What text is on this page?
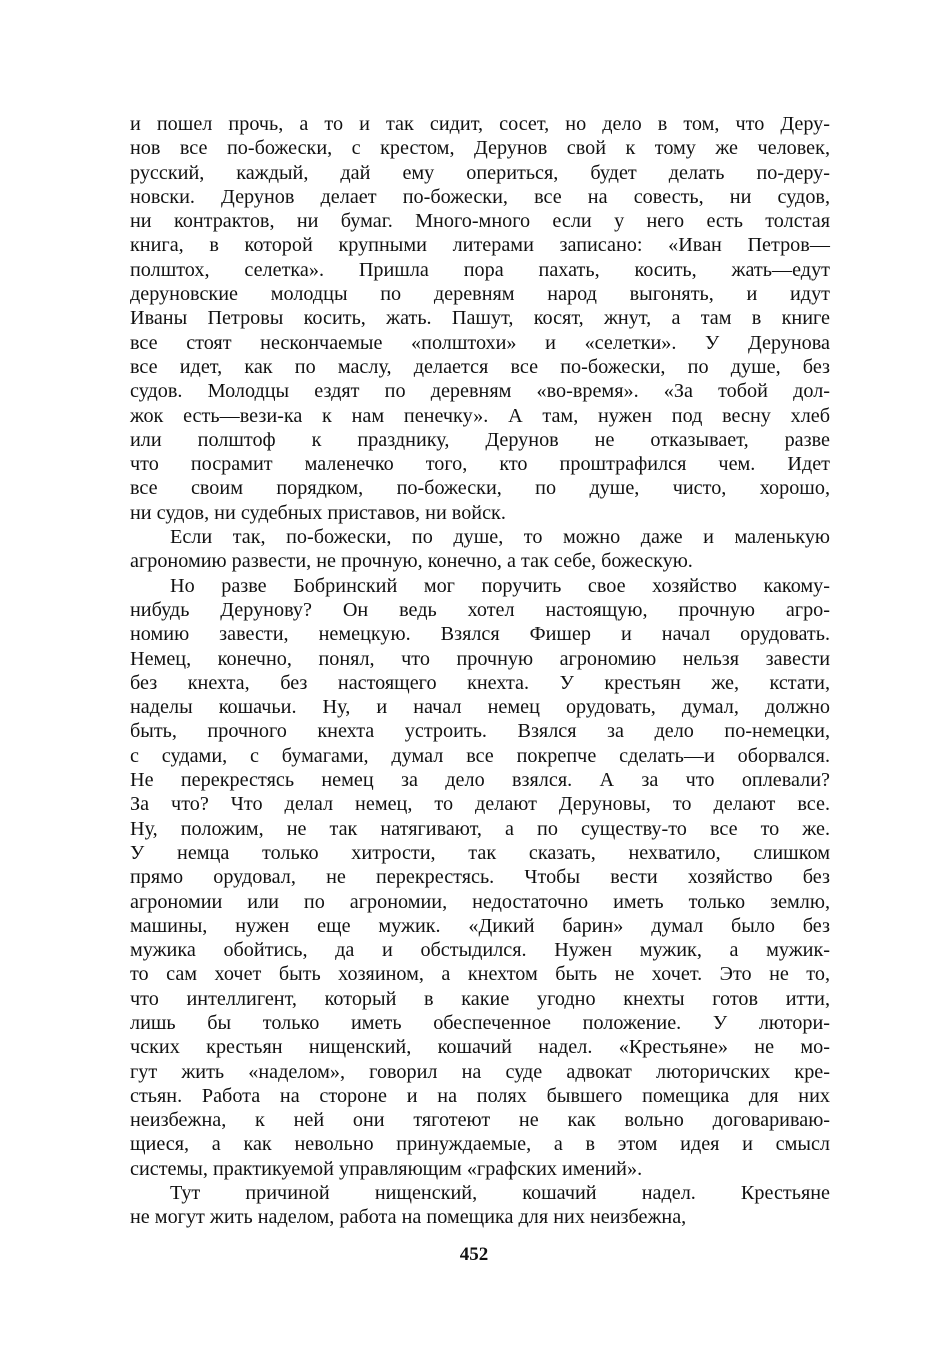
и пошел прочь, а то и так сидит, сосет, но дело в том, что Деру-
нов все по-божески, с крестом, Дерунов свой к тому же человек,
русский, каждый, дай ему опериться, будет делать по-деру-
новски. Дерунов делает по-божески, все на совесть, ни судов,
ни контрактов, ни бумаг. Много-много если у него есть толстая
книга, в которой крупными литерами записано: «Иван Петров—
полштох, селетка». Пришла пора пахать, косить, жать—едут
деруновские молодцы по деревням народ выгонять, и идут
Иваны Петровы косить, жать. Пашут, косят, жнут, а там в книге
все стоят нескончаемые «полштохи» и «селетки». У Дерунова
все идет, как по маслу, делается все по-божески, по душе, без
судов. Молодцы ездят по деревням «во-время». «За тобой дол-
жок есть—вези-ка к нам пенечку». А там, нужен под весну хлеб
или полштоф к празднику, Дерунов не отказывает, разве
что посрамит маленечко того, кто проштрафился чем. Идет
все своим порядком, по-божески, по душе, чисто, хорошо,
ни судов, ни судебных приставов, ни войск.

Если так, по-божески, по душе, то можно даже и маленькую
агрономию развести, не прочную, конечно, а так себе, божескую.

Но разве Бобринский мог поручить свое хозяйство какому-
нибудь Дерунову? Он ведь хотел настоящую, прочную агро-
номию завести, немецкую. Взялся Фишер и начал орудовать.
Немец, конечно, понял, что прочную агрономию нельзя завести
без кнехта, без настоящего кнехта. У крестьян же, кстати,
наделы кошачьи. Ну, и начал немец орудовать, думал, должно
быть, прочного кнехта устроить. Взялся за дело по-немецки,
с судами, с бумагами, думал все покрепче сделать—и оборвался.
Не перекрестясь немец за дело взялся. А за что оплевали?
За что? Что делал немец, то делают Деруновы, то делают все.
Ну, положим, не так натягивают, а по существу-то все то же.
У немца только хитрости, так сказать, нехватило, слишком
прямо орудовал, не перекрестясь. Чтобы вести хозяйство без
агрономии или по агрономии, недостаточно иметь только землю,
машины, нужен еще мужик. «Дикий барин» думал было без
мужика обойтись, да и обстыдился. Нужен мужик, а мужик-
то сам хочет быть хозяином, а кнехтом быть не хочет. Это не то,
что интеллигент, который в какие угодно кнехты готов итти,
лишь бы только иметь обеспеченное положение. У лютори-
чских крестьян нищенский, кошачий надел. «Крестьяне» не мо-
гут жить «наделом», говорил на суде адвокат люторичских кре-
стьян. Работа на стороне и на полях бывшего помещика для них
неизбежна, к ней они тяготеют не как вольно договариваю-
щиеся, а как невольно принуждаемые, а в этом идея и смысл
системы, практикуемой управляющим «графских имений».

Тут причиной нищенский, кошачий надел. Крестьяне
не могут жить наделом, работа на помещика для них неизбежна,

452
